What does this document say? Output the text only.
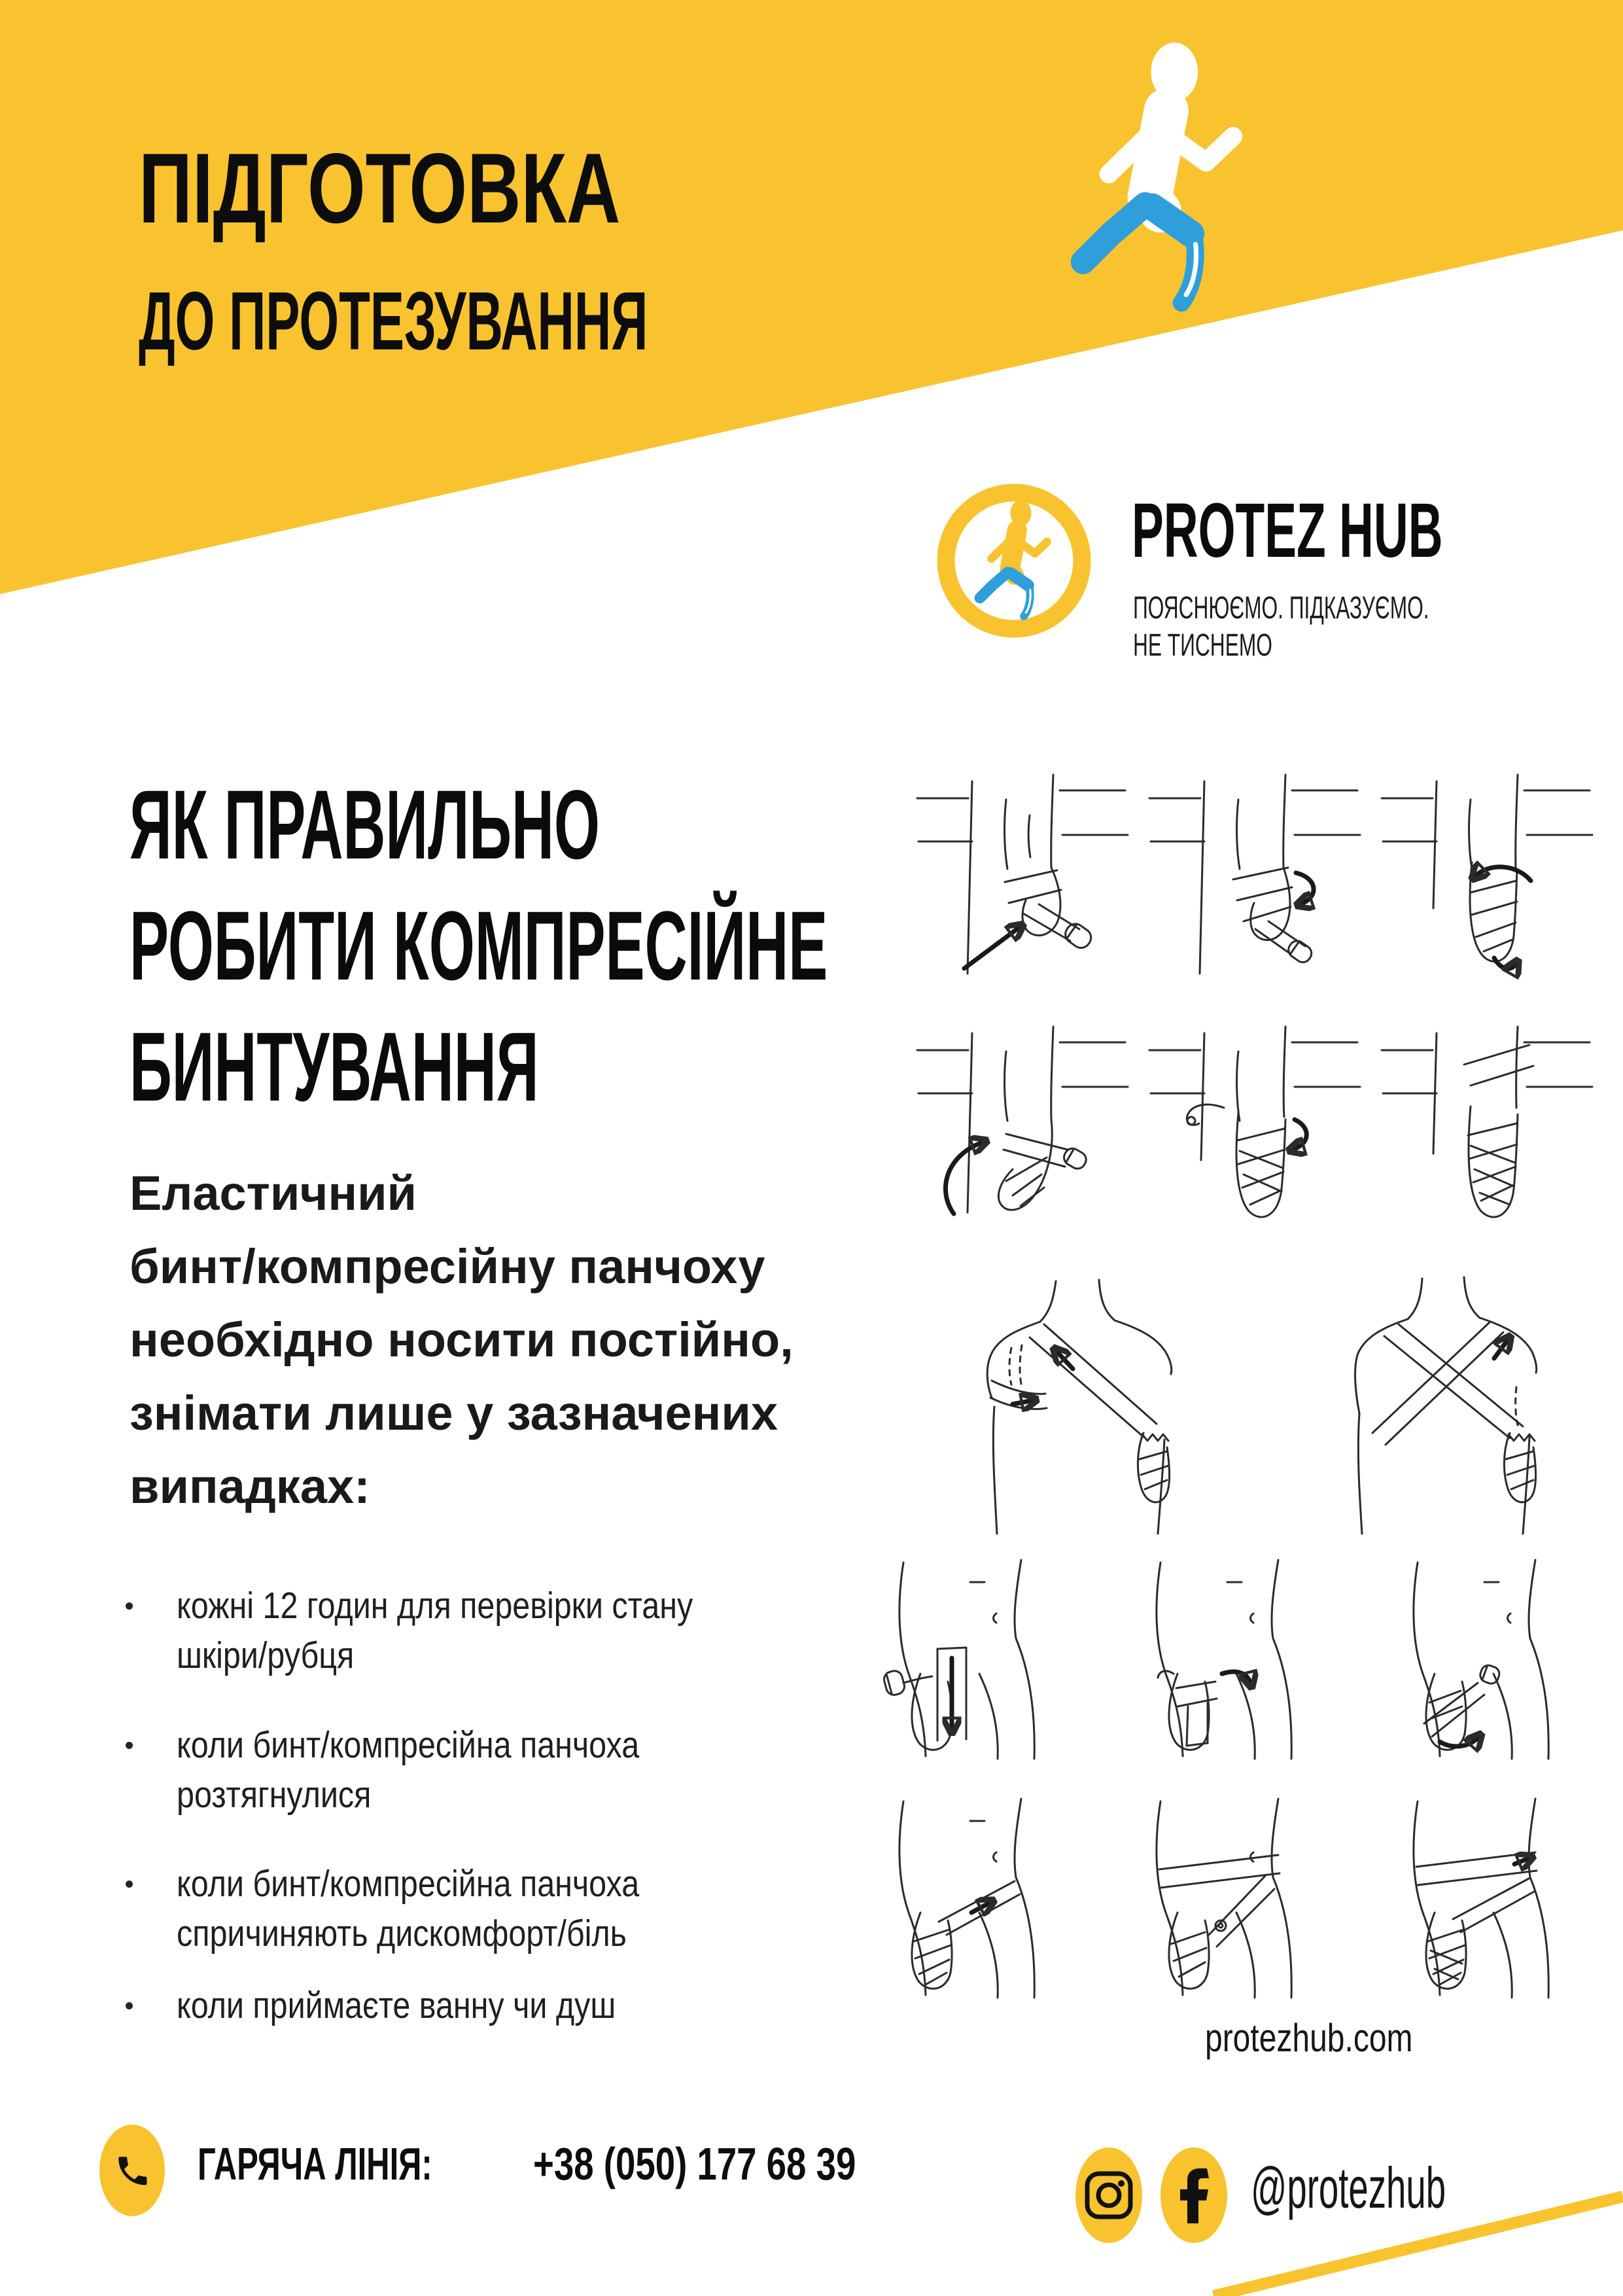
ПІДГОТОВКА
ДО ПРОТЕЗУВАННЯ
PROTEZ HUB
ПОЯСНЮЄМО. ПІДКАЗУЄМО.
НЕ ТИСНЕМО
ЯК ПРАВИЛЬНО
РОБИТИ КОМПРЕСІЙНЕ
БИНТУВАННЯ
Еластичний
бинт/компресійну панчоху
необхідно носити постійно,
знімати лише у зазначених
випадках:
кожні 12 годин для перевірки стану
шкіри/рубця
коли бинт/компресійна панчоха
розтягнулися
коли бинт/компресійна панчоха
спричиняють дискомфорт/біль
коли приймаєте ванну чи душ
protezhub.com
ГАРЯЧА ЛІНІЯ: +38 (050) 177 68 39	@protezhub
